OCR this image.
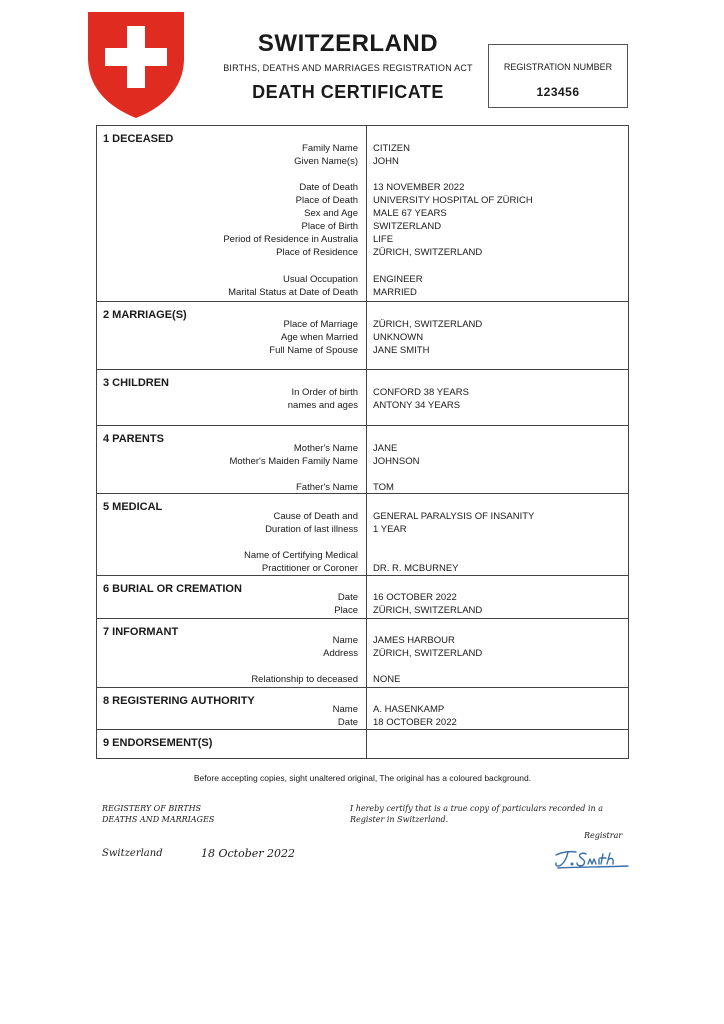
SWITZERLAND
BIRTHS, DEATHS AND MARRIAGES REGISTRATION ACT
DEATH CERTIFICATE
REGISTRATION NUMBER
123456
1 DECEASED
Family Name CITIZEN
Given Name(s) JOHN
Date of Death 13 NOVEMBER 2022
Place of Death UNIVERSITY HOSPITAL OF ZÜRICH
Sex and Age MALE 67 YEARS
Place of Birth SWITZERLAND
Period of Residence in Australia LIFE
Place of Residence ZÜRICH, SWITZERLAND
Usual Occupation ENGINEER
Marital Status at Date of Death MARRIED
2 MARRIAGE(S)
Place of Marriage ZÜRICH, SWITZERLAND
Age when Married UNKNOWN
Full Name of Spouse JANE SMITH
3 CHILDREN
In Order of birth CONFORD 38 YEARS
names and ages ANTONY 34 YEARS
4 PARENTS
Mother's Name JANE
Mother's Maiden Family Name JOHNSON
Father's Name TOM
5 MEDICAL
Cause of Death and GENERAL PARALYSIS OF INSANITY
Duration of last illness 1 YEAR
Name of Certifying Medical
Practitioner or Coroner DR. R. MCBURNEY
6 BURIAL OR CREMATION
Date 16 OCTOBER 2022
Place ZÜRICH, SWITZERLAND
7 INFORMANT
Name JAMES HARBOUR
Address ZÜRICH, SWITZERLAND
Relationship to deceased NONE
8 REGISTERING AUTHORITY
Name A. HASENKAMP
Date 18 OCTOBER 2022
9 ENDORSEMENT(S)
Before accepting copies, sight unaltered original, The original has a coloured background.
REGISTERY OF BIRTHS
DEATHS AND MARRIAGES
I hereby certify that is a true copy of particulars recorded in a
Register in Switzerland.
Registrar
Switzerland	18 October 2022
